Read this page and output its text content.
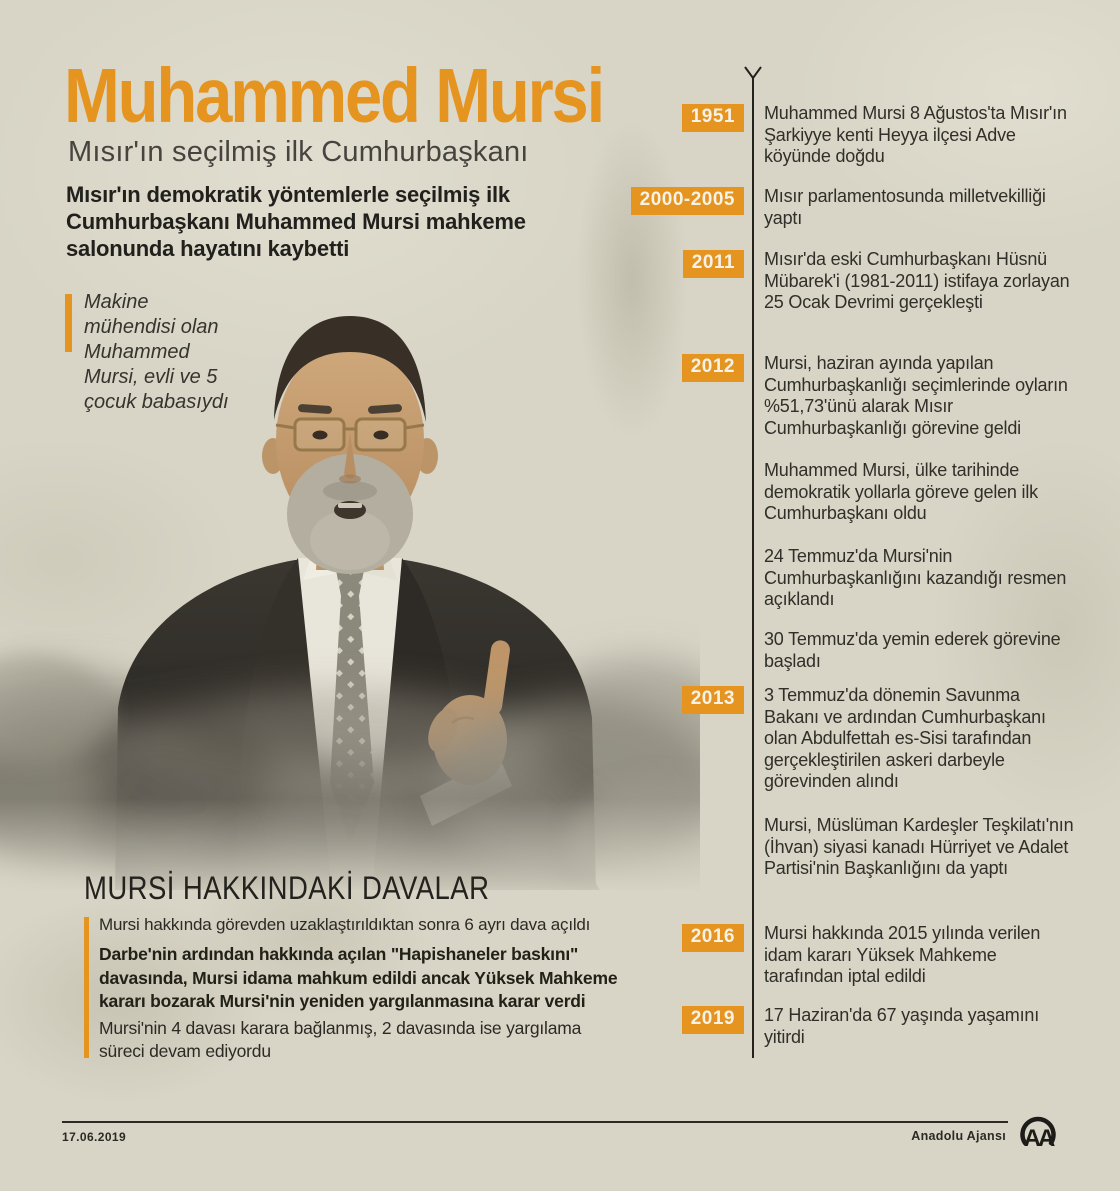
Muhammed Mursi
Mısır'ın seçilmiş ilk Cumhurbaşkanı
Mısır'ın demokratik yöntemlerle seçilmiş ilk Cumhurbaşkanı Muhammed Mursi mahkeme salonunda hayatını kaybetti
Makine mühendisi olan Muhammed Mursi, evli ve 5 çocuk babasıydı
1951	Muhammed Mursi 8 Ağustos'ta Mısır'ın Şarkiyye kenti Heyya ilçesi Adve köyünde doğdu
2000-2005	Mısır parlamentosunda milletvekilliği yaptı
2011	Mısır'da eski Cumhurbaşkanı Hüsnü Mübarek'i (1981-2011) istifaya zorlayan 25 Ocak Devrimi gerçekleşti
2012	Mursi, haziran ayında yapılan Cumhurbaşkanlığı seçimlerinde oyların %51,73'ünü alarak Mısır Cumhurbaşkanlığı görevine geldi
Muhammed Mursi, ülke tarihinde demokratik yollarla göreve gelen ilk Cumhurbaşkanı oldu
24 Temmuz'da Mursi'nin Cumhurbaşkanlığını kazandığı resmen açıklandı
30 Temmuz'da yemin ederek görevine başladı
2013	3 Temmuz'da dönemin Savunma Bakanı ve ardından Cumhurbaşkanı olan Abdulfettah es-Sisi tarafından gerçekleştirilen askeri darbeyle görevinden alındı
Mursi, Müslüman Kardeşler Teşkilatı'nın (İhvan) siyasi kanadı Hürriyet ve Adalet Partisi'nin Başkanlığını da yaptı
2016	Mursi hakkında 2015 yılında verilen idam kararı Yüksek Mahkeme tarafından iptal edildi
2019	17 Haziran'da 67 yaşında yaşamını yitirdi
MURSİ HAKKINDAKİ DAVALAR
Mursi hakkında görevden uzaklaştırıldıktan sonra 6 ayrı dava açıldı
Darbe'nin ardından hakkında açılan "Hapishaneler baskını" davasında, Mursi idama mahkum edildi ancak Yüksek Mahkeme kararı bozarak Mursi'nin yeniden yargılanmasına karar verdi
Mursi'nin 4 davası karara bağlanmış, 2 davasında ise yargılama süreci devam ediyordu
17.06.2019	Anadolu Ajansı AA
